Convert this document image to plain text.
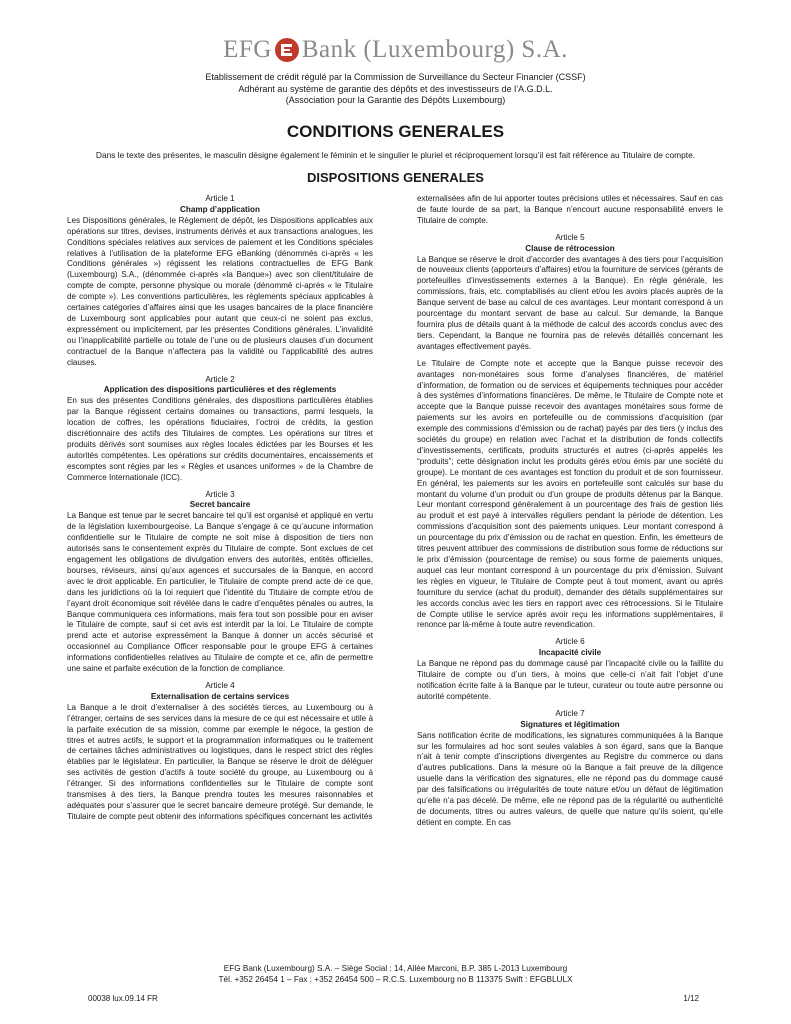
EFG Bank (Luxembourg) S.A.
Etablissement de crédit régulé par la Commission de Surveillance du Secteur Financier (CSSF)
Adhérant au système de garantie des dépôts et des investisseurs de l’A.G.D.L.
(Association pour la Garantie des Dépôts Luxembourg)
CONDITIONS GENERALES
Dans le texte des présentes, le masculin désigne également le féminin et le singulier le pluriel et réciproquement lorsqu’il est fait référence au Titulaire de compte.
DISPOSITIONS GENERALES

Article 1

Champ d’application

Les Dispositions générales, le Règlement de dépôt, les Dispositions applicables aux opérations sur titres, devises, instruments dérivés et aux transactions analogues, les Conditions spéciales relatives aux services de paiement et les Conditions spéciales relatives à l’utilisation de la plateforme EFG eBanking (dénommés ci-après « les Conditions générales ») régissent les relations contractuelles de EFG Bank (Luxembourg) S.A., (dénommée ci-après «la Banque») avec son client/titulaire de compte de compte, personne physique ou morale (dénommé ci-après « le Titulaire de compte »). Les conventions particulières, les règlements spéciaux applicables à certaines catégories d’affaires ainsi que les usages bancaires de la place financière de Luxembourg sont applicables pour autant que ceux-ci ne soient pas exclus, expressément ou implicitement, par les présentes Conditions générales. L’invalidité ou l’inapplicabilité partielle ou totale de l’une ou de plusieurs clauses d’un document contractuel de la Banque n’affectera pas la validité ou l’applicabilité des autres clauses.

Article 2

Application des dispositions particulières et des règlements

En sus des présentes Conditions générales, des dispositions particulières établies par la Banque régissent certains domaines ou transactions, parmi lesquels, la location de coffres, les opérations fiduciaires, l’octroi de crédits, la gestion discrétionnaire des actifs des Titulaires de comptes. Les opérations sur titres et produits dérivés sont soumises aux règles locales édictées par les Bourses et les autorités compétentes. Les opérations sur crédits documentaires, encaissements et escomptes sont régies par les « Règles et usances uniformes » de la Chambre de Commerce Internationale (ICC).

Article 3

Secret bancaire

La Banque est tenue par le secret bancaire tel qu’il est organisé et appliqué en vertu de la législation luxembourgeoise. La Banque s’engage à ce qu’aucune information confidentielle sur le Titulaire de compte ne soit mise à disposition de tiers non autorisés sans le consentement exprès du Titulaire de compte. Sont exclues de cet engagement les obligations de divulgation envers des autorités, entités officielles, bourses, réviseurs, ainsi qu’aux agences et succursales de la Banque, en accord avec le droit applicable. En particulier, le Titulaire de compte prend acte de ce que, dans les juridictions où la loi requiert que l’identité du Titulaire de compte et/ou de l’ayant droit économique soit révélée dans le cadre d’enquêtes pénales ou autres, la Banque communiquera ces informations, mais fera tout son possible pour en aviser le Titulaire de compte, sauf si cet avis est interdit par la loi. Le Titulaire de compte prend acte et autorise expressément la Banque à donner un accès sécurisé et occasionnel au Compliance Officer responsable pour le groupe EFG à certaines informations confidentielles relatives au Titulaire de compte et ce, afin de permettre une saine et parfaite exécution de la fonction de compliance.

Article 4

Externalisation de certains services

La Banque a le droit d’externaliser à des sociétés tierces, au Luxembourg ou à l’étranger, certains de ses services dans la mesure de ce qui est nécessaire et utile à la parfaite exécution de sa mission, comme par exemple le négoce, la gestion de titres et autres actifs, le support et la programmation informatiques ou le traitement de certaines tâches administratives ou logistiques, dans le respect strict des règles établies par le législateur. En particulier, la Banque se réserve le droit de déléguer ses activités de gestion d’actifs à toute société du groupe, au Luxembourg ou à l’étranger. Si des informations confidentielles sur le Titulaire de compte sont transmises à des tiers, la Banque prendra toutes les mesures raisonnables et adéquates pour s’assurer que le secret bancaire demeure protégé. Sur demande, le Titulaire de compte peut obtenir des informations spécifiques concernant les activités

externalisées afin de lui apporter toutes précisions utiles et nécessaires. Sauf en cas de faute lourde de sa part, la Banque n’encourt aucune responsabilité envers le Titulaire de compte.

Article 5

Clause de rétrocession

La Banque se réserve le droit d’accorder des avantages à des tiers pour l’acquisition de nouveaux clients (apporteurs d’affaires) et/ou la fourniture de services (gérants de portefeuilles d’investissements externes à la Banque). En règle générale, les commissions, frais, etc. comptabilisés au client et/ou les avoirs placés auprès de la Banque servent de base au calcul de ces avantages. Leur montant correspond à un pourcentage du montant servant de base au calcul. Sur demande, la Banque fournira plus de détails quant à la méthode de calcul des accords conclus avec des tiers. Cependant, la Banque ne fournira pas de relevés détaillés concernant les avantages effectivement payés.

Le Titulaire de Compte note et accepte que la Banque puisse recevoir des avantages non-monétaires sous forme d’analyses financières, de matériel d’information, de formation ou de services et équipements techniques pour accéder à des systèmes d’informations financières. De même, le Titulaire de Compte note et accepte que la Banque puisse recevoir des avantages monétaires sous forme de paiements sur les avoirs en portefeuille ou de commissions d’acquisition (par exemple des commissions d’émission ou de rachat) payés par des tiers (y inclus des sociétés du groupe) en relation avec l’achat et la distribution de fonds collectifs d’investissements, certificats, produits structurés et autres (ci-après appelés les “produits”; cette désignation inclut les produits gérés et/ou émis par une société du groupe). Le montant de ces avantages est fonction du produit et de son fournisseur. En général, les paiements sur les avoirs en portefeuille sont calculés sur base du montant du volume d’un produit ou d’un groupe de produits détenus par la Banque. Leur montant correspond généralement à un pourcentage des frais de gestion liés au produit et est payé à intervalles réguliers pendant la période de détention. Les commissions d’acquisition sont des paiements uniques. Leur montant correspond à un pourcentage du prix d’émission ou de rachat en question. Enfin, les émetteurs de titres peuvent attribuer des commissions de distribution sous forme de réductions sur le prix d’émission (pourcentage de remise) ou sous forme de paiements uniques, auquel cas leur montant correspond à un pourcentage du prix d’émission. Suivant les règles en vigueur, le Titulaire de Compte peut à tout moment, avant ou après fourniture du service (achat du produit), demander des détails supplémentaires sur les accords conclus avec les tiers en rapport avec ces rétrocessions. Si le Titulaire de Compte utilise le service après avoir reçu les informations supplémentaires, il renonce par là-même à toute autre revendication.

Article 6

Incapacité civile

La Banque ne répond pas du dommage causé par l’incapacité civile ou la faillite du Titulaire de compte ou d’un tiers, à moins que celle-ci n’ait fait l’objet d’une notification écrite faite à la Banque par le tuteur, curateur ou toute autre personne ou autorité compétente.

Article 7

Signatures et légitimation

Sans notification écrite de modifications, les signatures communiquées à la Banque sur les formulaires ad hoc sont seules valables à son égard, sans que la Banque n’ait à tenir compte d’inscriptions divergentes au Registre du commerce ou dans d’autres publications. Dans la mesure où la Banque a fait preuve de la diligence usuelle dans la vérification des signatures, elle ne répond pas du dommage causé par des falsifications ou irrégularités de toute nature et/ou un défaut de légitimation qu’elle n’a pas décelé. De même, elle ne répond pas de la régularité ou authenticité de documents, titres ou autres valeurs, de quelle que nature qu’ils soient, qu’elle détient en compte. En cas

EFG Bank (Luxembourg) S.A. – Siège Social : 14, Allée Marconi, B.P. 385 L-2013 Luxembourg
Tél. +352 26454 1 – Fax : +352 26454 500 – R.C.S. Luxembourg no B 113375 Swift : EFGBLULX
00038 lux.09.14 FR	1/12
